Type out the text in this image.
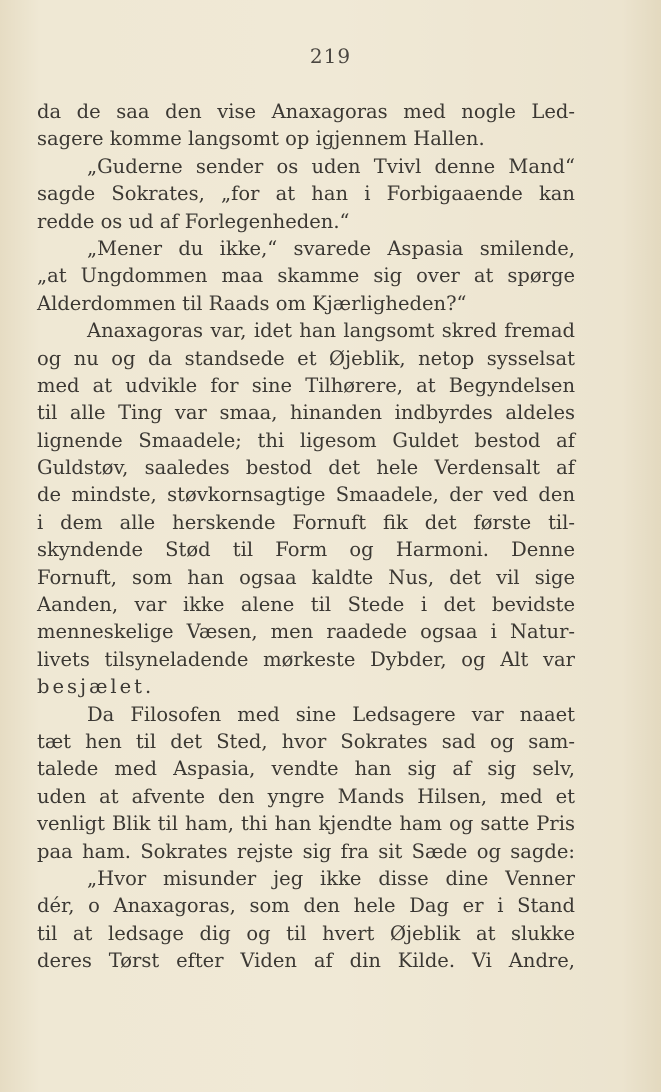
219
da de saa den vise Anaxagoras med nogle Led-
sagere komme langsomt op igjennem Hallen.
„Guderne sender os uden Tvivl denne Mand“
sagde Sokrates, „for at han i Forbigaaende kan
redde os ud af Forlegenheden.“
„Mener du ikke,“ svarede Aspasia smilende,
„at Ungdommen maa skamme sig over at spørge
Alderdommen til Raads om Kjærligheden?“
Anaxagoras var, idet han langsomt skred fremad
og nu og da standsede et Øjeblik, netop sysselsat
med at udvikle for sine Tilhørere, at Begyndelsen
til alle Ting var smaa, hinanden indbyrdes aldeles
lignende Smaadele; thi ligesom Guldet bestod af
Guldstøv, saaledes bestod det hele Verdensalt af
de mindste, støvkornsagtige Smaadele, der ved den
i dem alle herskende Fornuft fik det første til-
skyndende Stød til Form og Harmoni. Denne
Fornuft, som han ogsaa kaldte Nus, det vil sige
Aanden, var ikke alene til Stede i det bevidste
menneskelige Væsen, men raadede ogsaa i Natur-
livets tilsyneladende mørkeste Dybder, og Alt var
besjælet.
Da Filosofen med sine Ledsagere var naaet
tæt hen til det Sted, hvor Sokrates sad og sam-
talede med Aspasia, vendte han sig af sig selv,
uden at afvente den yngre Mands Hilsen, med et
venligt Blik til ham, thi han kjendte ham og satte Pris
paa ham. Sokrates rejste sig fra sit Sæde og sagde:
„Hvor misunder jeg ikke disse dine Venner
dér, o Anaxagoras, som den hele Dag er i Stand
til at ledsage dig og til hvert Øjeblik at slukke
deres Tørst efter Viden af din Kilde. Vi Andre,
